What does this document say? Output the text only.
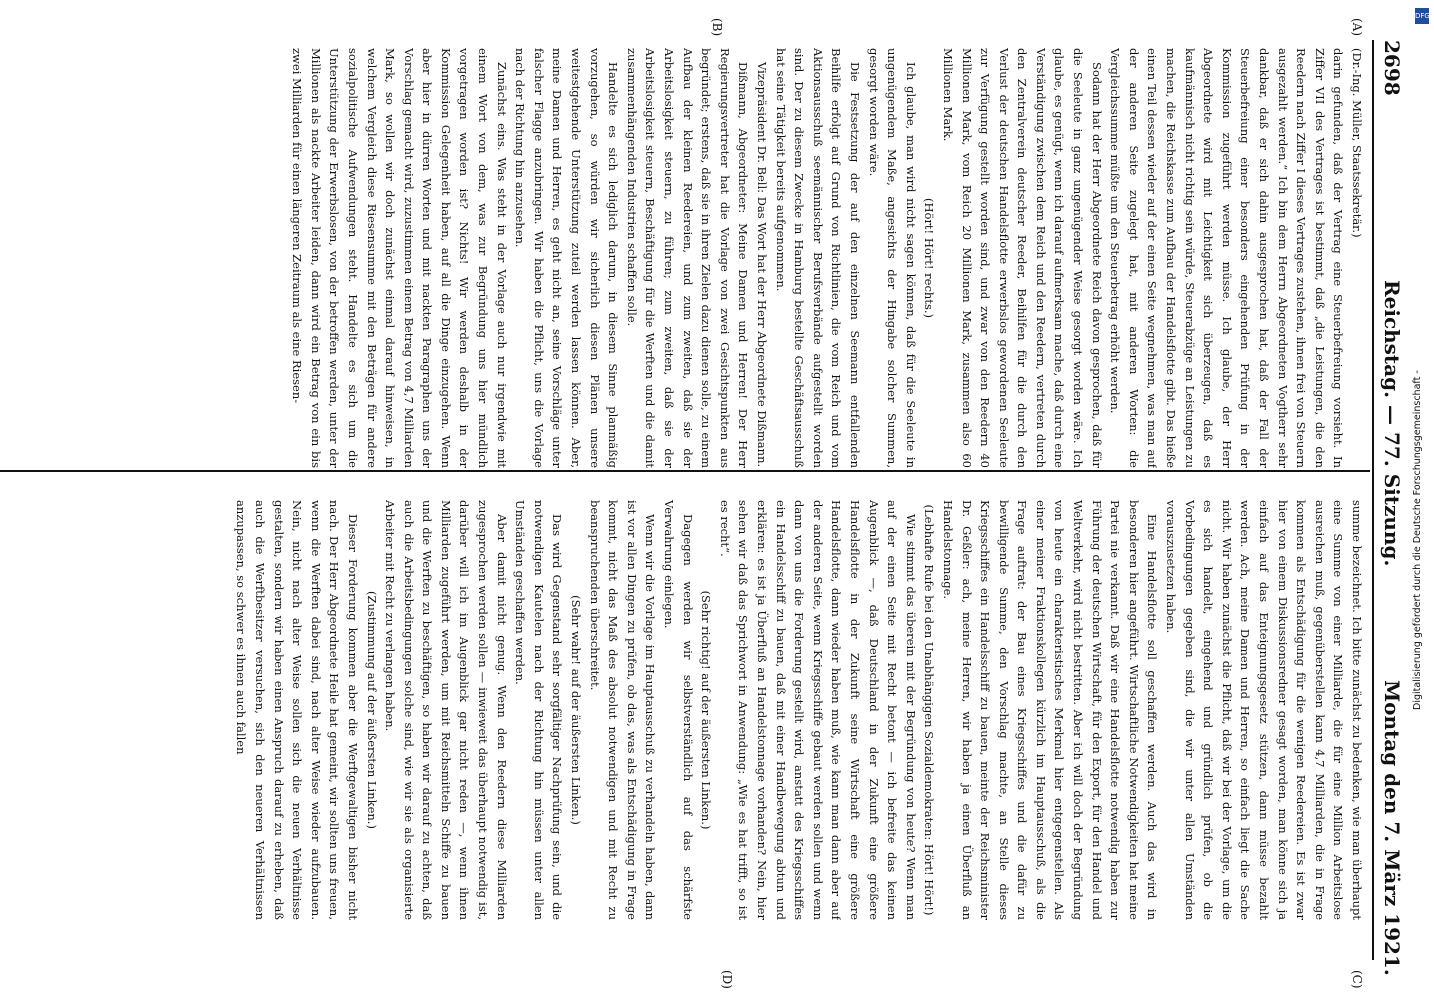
2698
Reichstag. — 77. Sitzung.
Montag den 7. März 1921.
(A)
(B)
(C)
(D)

(Dr.-Ing. Müller, Staatssekretär.)

darin gefunden, daß der Vertrag eine Steuerbefreiung vorsieht. In Ziffer VII des Vertrages ist bestimmt, daß „die Leistungen, die den Reedern nach Ziffer I dieses Vertrages zustehen, ihnen frei von Steuern ausgezahlt werden.“ Ich bin dem Herrn Abgeordneten Vogtherr sehr dankbar, daß er sich dahin ausgesprochen hat, daß der Fall der Steuerbefreiung einer besonders eingehenden Prüfung in der Kommission zugeführt werden müsse. Ich glaube, der Herr Abgeordnete wird mit Leichtigkeit sich überzeugen, daß es kaufmännisch nicht richtig sein würde, Steuerabzüge an Leistungen zu machen, die Reichskasse zum Aufbau der Handelsflotte gibt. Das hieße einen Teil dessen wieder auf der einen Seite wegnehmen, was man auf der anderen Seite zugelegt hat, mit anderen Worten: die Vergleichssumme müßte um den Steuerbetrag erhöht werden.

Sodann hat der Herr Abgeordnete Reich davon gesprochen, daß für die Seeleute in ganz ungenügender Weise gesorgt worden wäre. Ich glaube, es genügt, wenn ich darauf aufmerksam mache, daß durch eine Verständigung zwischen dem Reich und den Reedern, vertreten durch den Zentralverein deutscher Reeder, Beihilfen für die durch den Verlust der deutschen Handelsflotte erwerbslos gewordenen Seeleute zur Verfügung gestellt worden sind, und zwar von den Reedern 40 Millionen Mark, vom Reich 20 Millionen Mark, zusammen also 60 Millionen Mark.

(Hört! Hört! rechts.)

Ich glaube, man wird nicht sagen können, daß für die Seeleute in ungenügendem Maße, angesichts der Hingabe solcher Summen, gesorgt worden wäre.

Die Festsetzung der auf den einzelnen Seemann entfallenden Beihilfe erfolgt auf Grund von Richtlinien, die vom Reich und vom Aktionsausschuß seemännischer Berufsverbände aufgestellt worden sind. Der zu diesem Zwecke in Hamburg bestellte Geschäftsausschuß hat seine Tätigkeit bereits aufgenommen.

Vizepräsident Dr. Bell: Das Wort hat der Herr Abgeordnete Dißmann.

Dißmann, Abgeordneter: Meine Damen und Herren! Der Herr Regierungsvertreter hat die Vorlage von zwei Gesichtspunkten aus begründet; erstens, daß sie in ihren Zielen dazu dienen solle, zu einem Aufbau der kleinen Reedereien, und zum zweiten, daß sie der Arbeitslosigkeit steuern, zu führen; zum zweiten, daß sie der Arbeitslosigkeit steuern, Beschäftigung für die Werften und die damit zusammenhängenden Industrien schaffen solle.

Handelte es sich lediglich darum, in diesem Sinne planmäßig vorzugehen, so würden wir sicherlich diesen Plänen unsere weitestgehende Unterstützung zuteil werden lassen können. Aber, meine Damen und Herren, es geht nicht an, seine Vorschläge unter falscher Flagge anzubringen. Wir haben die Pflicht, uns die Vorlage nach der Richtung hin anzusehen.

Zunächst eins. Was steht in der Vorlage auch nur irgendwie mit einem Wort von dem, was zur Begründung uns hier mündlich vorgetragen worden ist? Nichts! Wir werden deshalb in der Kommission Gelegenheit haben, auf all die Dinge einzugehen. Wenn aber hier in dürren Worten und mit nackten Paragraphen uns der Vorschlag gemacht wird, zuzustimmen einem Betrag von 4,7 Milliarden Mark, so wollen wir doch zunächst einmal darauf hinweisen, in welchem Vergleich diese Riesensumme mit den Beträgen für andere sozialpolitische Aufwendungen steht. Handelte es sich um die Unterstützung der Erwerbslosen, von der betroffen werden, unter der Millionen als nackte Arbeiter leiden, dann wird ein Betrag von ein bis zwei Milliarden für einen längeren Zeitraum als eine Riesen-

summe bezeichnet. Ich bitte zunächst zu bedenken, wie man überhaupt eine Summe von einer Milliarde, die für eine Million Arbeitslose ausreichen muß, gegenüberstellen kann 4,7 Milliarden, die in Frage kommen als Entschädigung für die wenigen Reedereien. Es ist zwar hier von einem Diskussionsredner gesagt worden, man könne sich ja einfach auf das Enteignungsgesetz stützen, dann müsse bezahlt werden. Ach, meine Damen und Herren, so einfach liegt die Sache nicht. Wir haben zunächst die Pflicht, daß wir bei der Vorlage, um die es sich handelt, eingehend und gründlich prüfen, ob die Vorbedingungen gegeben sind, die wir unter allen Umständen vorauszusetzen haben.

Eine Handelsflotte soll geschaffen werden. Auch das wird in besonderen hier angeführt. Wirtschaftliche Notwendigkeiten hat meine Partei nie verkannt. Daß wir eine Handelsflotte notwendig haben zur Führung der deutschen Wirtschaft, für den Export, für den Handel und Weltverkehr, wird nicht bestritten. Aber ich will doch der Begründung von heute ein charakteristisches Merkmal hier entgegenstellen. Als einer meiner Fraktionskollegen kürzlich im Hauptausschuß, als die Frage auftrat: der Bau eines Kriegsschiffes und die dafür zu bewilligende Summe, den Vorschlag machte, an Stelle dieses Kriegsschiffes ein Handelsschiff zu bauen, meinte der Reichsminister Dr. Geßler: ach, meine Herren, wir haben ja einen Überfluß an Handelstonnage.

(Lebhafte Rufe bei den Unabhängigen Sozialdemokraten: Hört! Hört!)

Wie stimmt das überein mit der Begründung von heute? Wenn man auf der einen Seite mit Recht betont — ich befreite das keinen Augenblick —, daß Deutschland in der Zukunft eine größere Handelsflotte in der Zukunft seine Wirtschaft eine größere Handelsflotte, dann wieder haben muß, wie kann man dann aber auf der anderen Seite, wenn Kriegsschiffe gebaut werden sollen und wenn dann von uns die Forderung gestellt wird, anstatt des Kriegsschiffes ein Handelsschiff zu bauen, daß mit einer Handbewegung abtun und erklären: es ist ja Überfluß an Handelstonnage vorhanden? Nein, hier sehen wir daß das Sprichwort in Anwendung: „Wie es hat trifft, so ist es recht“.

(Sehr richtig! auf der äußersten Linken.)

Dagegen werden wir selbstverständlich auf das schärfste Verwahrung einlegen.

Wenn wir die Vorlage im Hauptausschuß zu verhandeln haben, dann ist vor allen Dingen zu prüfen, ob das, was als Entschädigung in Frage kommt, nicht das Maß des absolut notwendigen und mit Recht zu beanspruchenden überschreitet.

(Sehr wahr! auf der äußersten Linken.)

Das wird Gegenstand sehr sorgfältiger Nachprüfung sein, und die notwendigen Kautelen nach der Richtung hin müssen unter allen Umständen geschaffen werden.

Aber damit nicht genug. Wenn den Reedern diese Milliarden zugesprochen werden sollen — inwieweit das überhaupt notwendig ist, darüber will ich im Augenblick gar nicht reden —, wenn ihnen Milliarden zugeführt werden, um mit Reichsmitteln Schiffe zu bauen und die Werften zu beschäftigen, so haben wir darauf zu achten, daß auch die Arbeitsbedingungen solche sind, wie wir sie als organisierte Arbeiter mit Recht zu verlangen haben.

(Zustimmung auf der äußersten Linken.)

Dieser Forderung kommen aber die Werftgewaltigen bisher nicht nach. Der Herr Abgeordnete Heile hat gemeint, wir sollten uns freuen, wenn die Werften dabei sind, nach alter Weise wieder aufzubauen. Nein, nicht nach alter Weise sollen sich die neuen Verhältnisse gestalten, sondern wir haben einen Anspruch darauf zu erheben, daß auch die Werftbesitzer versuchen, sich den neueren Verhältnissen anzupassen, so schwer es ihnen auch fallen

DFG
Digitalisierung gefördert durch die Deutsche Forschungsgemeinschaft -
